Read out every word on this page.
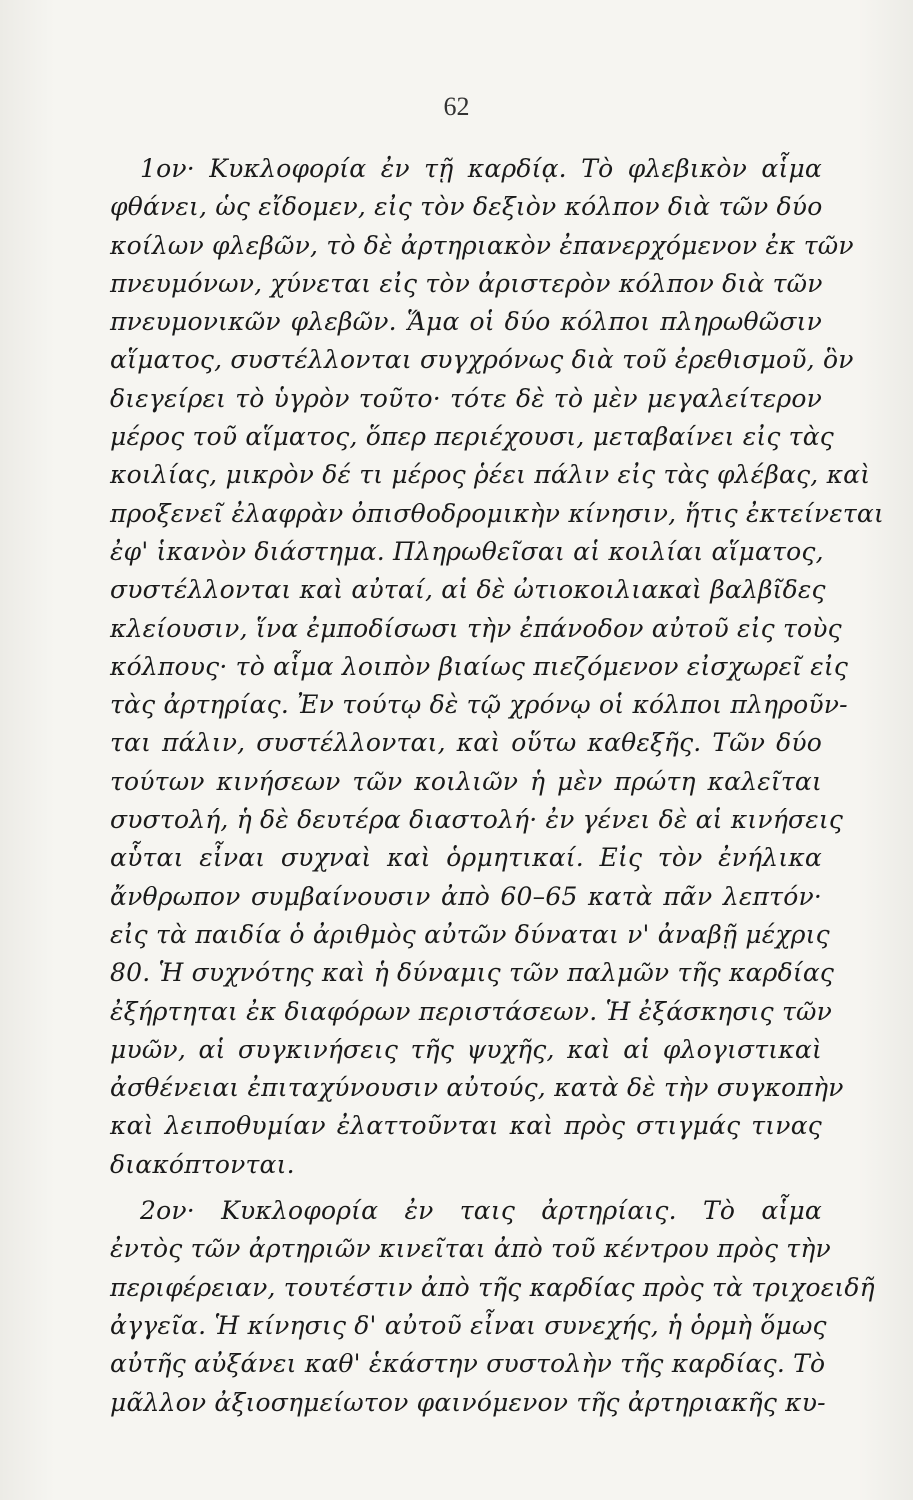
62
1ον· Κυκλοφορία ἐν τῇ καρδίᾳ. Τὸ φλεβικὸν αἷμα
φθάνει, ὡς εἴδομεν, εἰς τὸν δεξιὸν κόλπον διὰ τῶν δύο
κοίλων φλεβῶν, τὸ δὲ ἀρτηριακὸν ἐπανερχόμενον ἐκ τῶν
πνευμόνων, χύνεται εἰς τὸν ἀριστερὸν κόλπον διὰ τῶν
πνευμονικῶν φλεβῶν. Ἅμα οἱ δύο κόλποι πληρωθῶσιν
αἵματος, συστέλλονται συγχρόνως διὰ τοῦ ἐρεθισμοῦ, ὃν
διεγείρει τὸ ὑγρὸν τοῦτο· τότε δὲ τὸ μὲν μεγαλείτερον
μέρος τοῦ αἵματος, ὅπερ περιέχουσι, μεταβαίνει εἰς τὰς
κοιλίας, μικρὸν δέ τι μέρος ῥέει πάλιν εἰς τὰς φλέβας, καὶ
προξενεῖ ἐλαφρὰν ὀπισθοδρομικὴν κίνησιν, ἥτις ἐκτείνεται
ἐφ' ἱκανὸν διάστημα. Πληρωθεῖσαι αἱ κοιλίαι αἵματος,
συστέλλονται καὶ αὐταί, αἱ δὲ ὠτιοκοιλιακαὶ βαλβῖδες
κλείουσιν, ἵνα ἐμποδίσωσι τὴν ἐπάνοδον αὐτοῦ εἰς τοὺς
κόλπους· τὸ αἷμα λοιπὸν βιαίως πιεζόμενον εἰσχωρεῖ εἰς
τὰς ἀρτηρίας. Ἐν τούτῳ δὲ τῷ χρόνῳ οἱ κόλποι πληροῦν-
ται πάλιν, συστέλλονται, καὶ οὕτω καθεξῆς. Τῶν δύο
τούτων κινήσεων τῶν κοιλιῶν ἡ μὲν πρώτη καλεῖται
συστολή, ἡ δὲ δευτέρα διαστολή· ἐν γένει δὲ αἱ κινήσεις
αὗται εἶναι συχναὶ καὶ ὁρμητικαί. Εἰς τὸν ἐνήλικα
ἄνθρωπον συμβαίνουσιν ἀπὸ 60–65 κατὰ πᾶν λεπτόν·
εἰς τὰ παιδία ὁ ἀριθμὸς αὐτῶν δύναται ν' ἀναβῇ μέχρις
80. Ἡ συχνότης καὶ ἡ δύναμις τῶν παλμῶν τῆς καρδίας
ἐξήρτηται ἐκ διαφόρων περιστάσεων. Ἡ ἐξάσκησις τῶν
μυῶν, αἱ συγκινήσεις τῆς ψυχῆς, καὶ αἱ φλογιστικαὶ
ἀσθένειαι ἐπιταχύνουσιν αὐτούς, κατὰ δὲ τὴν συγκοπὴν
καὶ λειποθυμίαν ἐλαττοῦνται καὶ πρὸς στιγμάς τινας
διακόπτονται.
2ον· Κυκλοφορία ἐν ταις ἀρτηρίαις. Τὸ αἷμα
ἐντὸς τῶν ἀρτηριῶν κινεῖται ἀπὸ τοῦ κέντρου πρὸς τὴν
περιφέρειαν, τουτέστιν ἀπὸ τῆς καρδίας πρὸς τὰ τριχοειδῆ
ἀγγεῖα. Ἡ κίνησις δ' αὐτοῦ εἶναι συνεχής, ἡ ὁρμὴ ὅμως
αὐτῆς αὐξάνει καθ' ἑκάστην συστολὴν τῆς καρδίας. Τὸ
μᾶλλον ἀξιοσημείωτον φαινόμενον τῆς ἀρτηριακῆς κυ-
